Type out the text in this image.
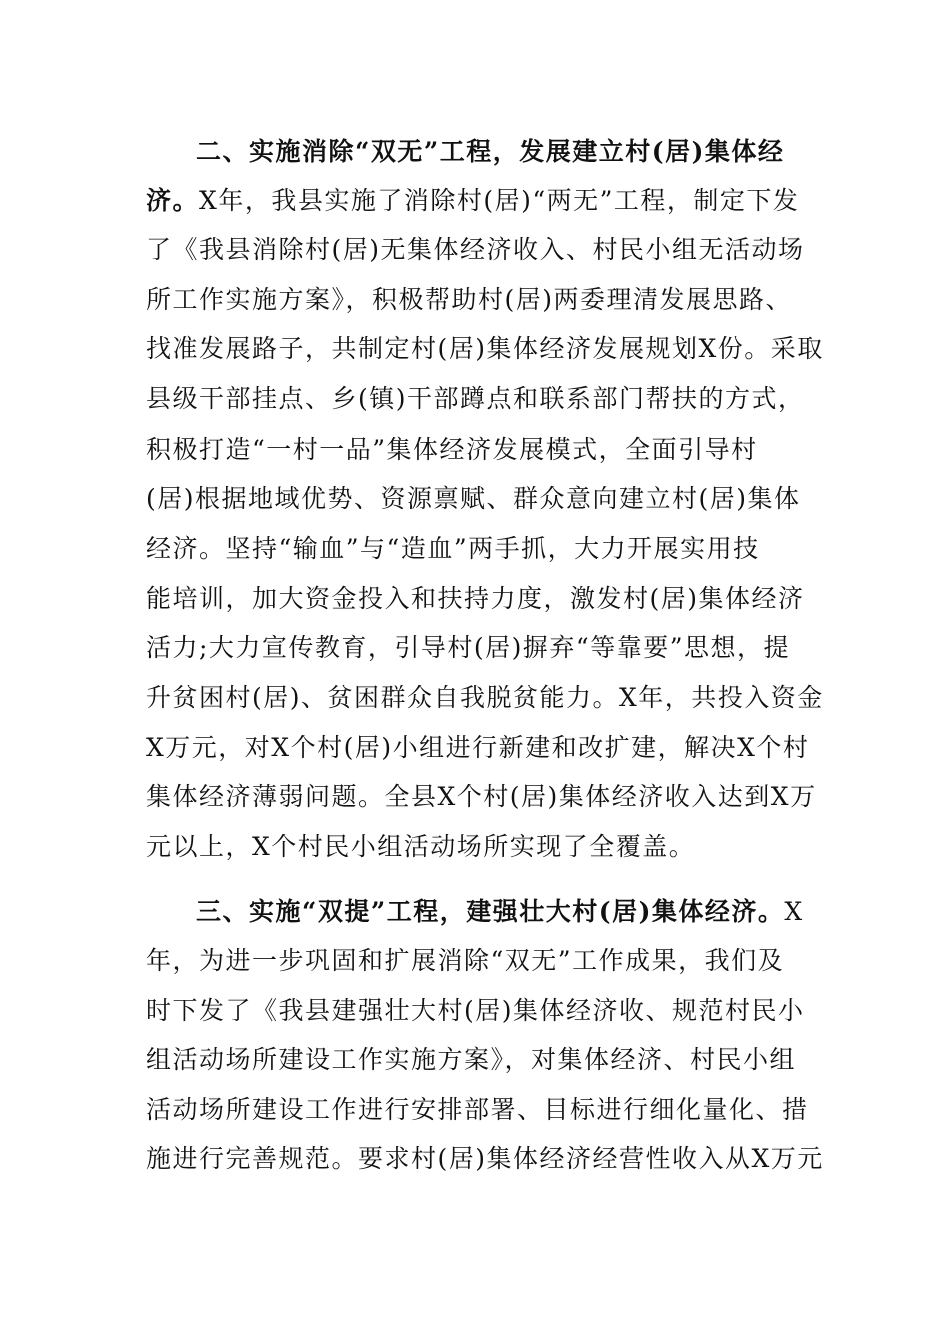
二、实施消除“双无”工程，发展建立村(居)集体经
济。X年，我县实施了消除村(居)“两无”工程，制定下发
了《我县消除村(居)无集体经济收入、村民小组无活动场
所工作实施方案》，积极帮助村(居)两委理清发展思路、
找准发展路子，共制定村(居)集体经济发展规划X份。采取
县级干部挂点、乡(镇)干部蹲点和联系部门帮扶的方式，
积极打造“一村一品”集体经济发展模式，全面引导村
(居)根据地域优势、资源禀赋、群众意向建立村(居)集体
经济。坚持“输血”与“造血”两手抓，大力开展实用技
能培训，加大资金投入和扶持力度，激发村(居)集体经济
活力;大力宣传教育，引导村(居)摒弃“等靠要”思想，提
升贫困村(居)、贫困群众自我脱贫能力。X年，共投入资金
X万元，对X个村(居)小组进行新建和改扩建，解决X个村
集体经济薄弱问题。全县X个村(居)集体经济收入达到X万
元以上，X个村民小组活动场所实现了全覆盖。
三、实施“双提”工程，建强壮大村(居)集体经济。X
年，为进一步巩固和扩展消除“双无”工作成果，我们及
时下发了《我县建强壮大村(居)集体经济收、规范村民小
组活动场所建设工作实施方案》，对集体经济、村民小组
活动场所建设工作进行安排部署、目标进行细化量化、措
施进行完善规范。要求村(居)集体经济经营性收入从X万元
